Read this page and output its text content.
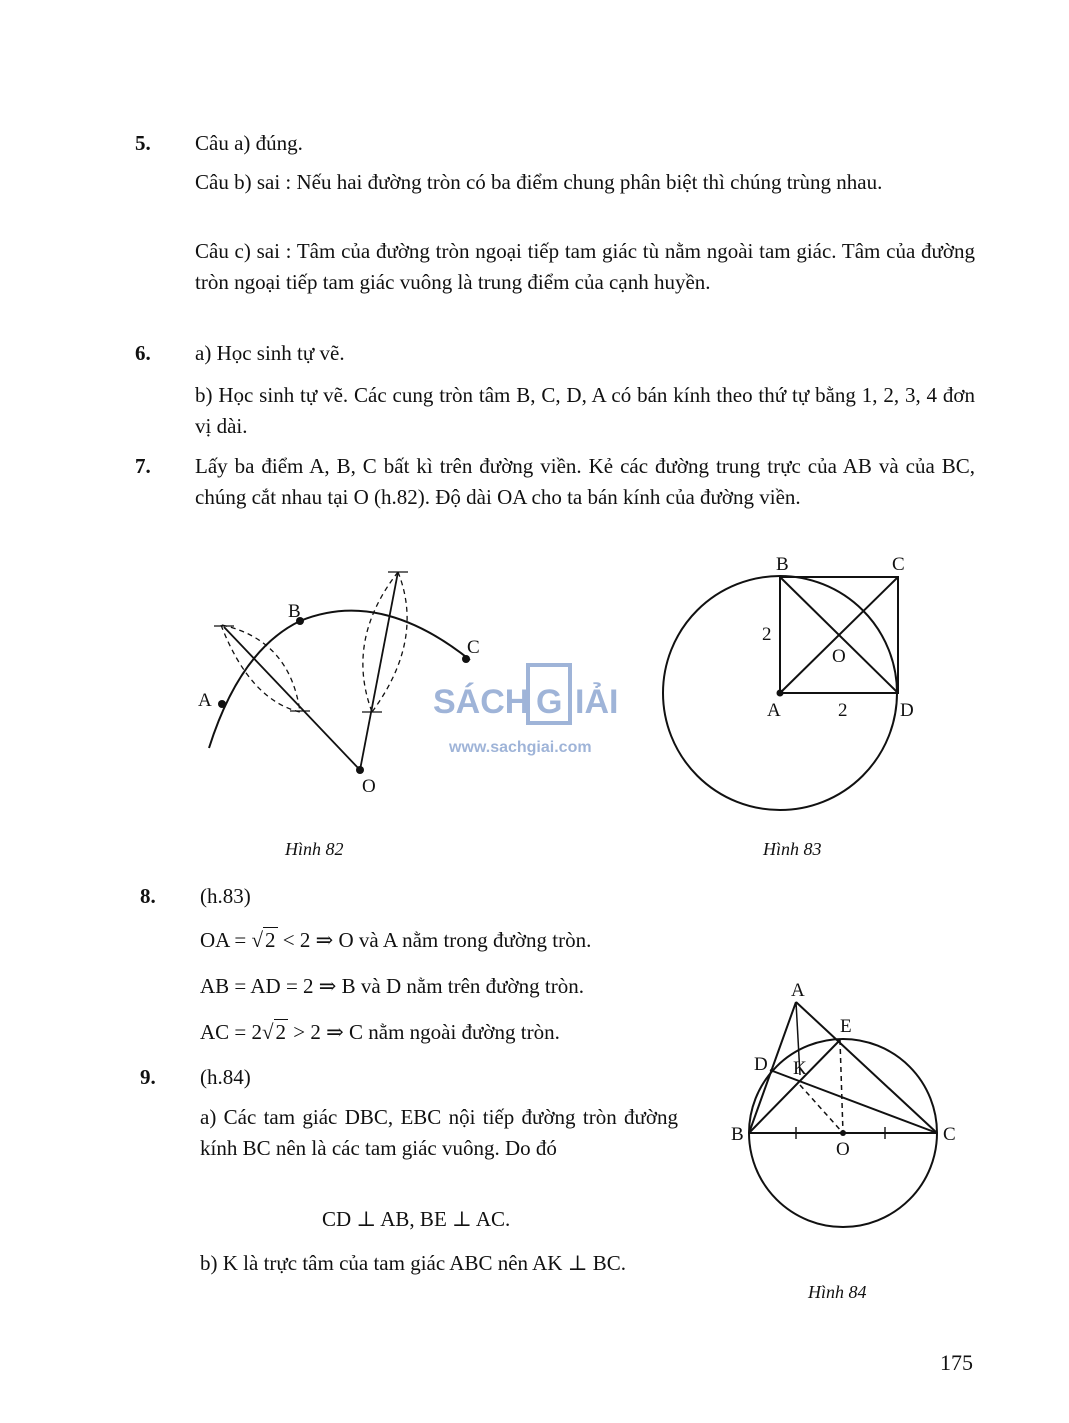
5. Câu a) đúng.
Câu b) sai : Nếu hai đường tròn có ba điểm chung phân biệt thì chúng trùng nhau.
Câu c) sai : Tâm của đường tròn ngoại tiếp tam giác tù nằm ngoài tam giác. Tâm của đường tròn ngoại tiếp tam giác vuông là trung điểm của cạnh huyền.
6. a) Học sinh tự vẽ.
b) Học sinh tự vẽ. Các cung tròn tâm B, C, D, A có bán kính theo thứ tự bằng 1, 2, 3, 4 đơn vị dài.
7. Lấy ba điểm A, B, C bất kì trên đường viền. Kẻ các đường trung trực của AB và của BC, chúng cắt nhau tại O (h.82). Độ dài OA cho ta bán kính của đường viền.
SÁCH G IẢI
www.sachgiai.com
A
B
C
O
Hình 82
B	C
A	D
O
2
2
Hình 83
A
E
D K
B	C
O
Hình 84
8. (h.83)
OA = √2 < 2 ⇒ O và A nằm trong đường tròn.
AB = AD = 2 ⇒ B và D nằm trên đường tròn.
AC = 2√2 > 2 ⇒ C nằm ngoài đường tròn.
9. (h.84)
a) Các tam giác DBC, EBC nội tiếp đường tròn đường kính BC nên là các tam giác vuông. Do đó
CD ⊥ AB, BE ⊥ AC.
b) K là trực tâm của tam giác ABC nên AK ⊥ BC.
175
